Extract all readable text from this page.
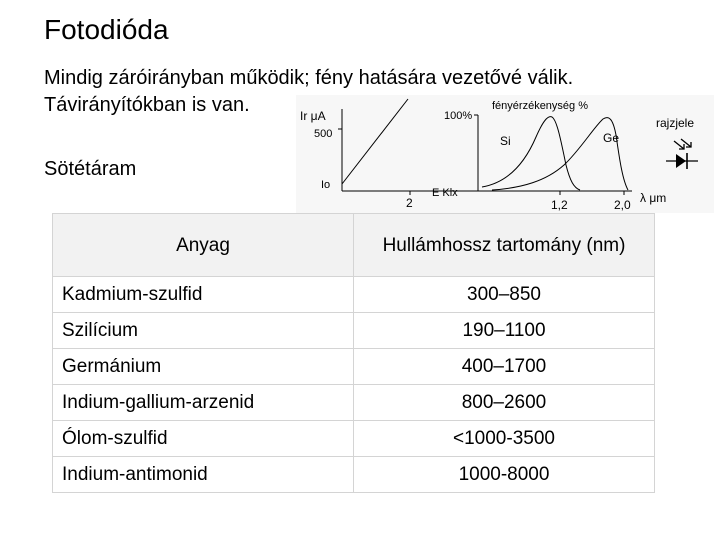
Fotodióda
Mindig záróirányban működik; fény hatására vezetővé válik.
Távirányítókban is van.
Sötétáram
Ir μA
500
Io
2
E Klx
100%
fényérzékenység %
Si	Ge
1,2	2,0 λ μm
rajzjele
Anyag	Hullámhossz tartomány (nm)
Kadmium-szulfid	300–850
Szilícium	190–1100
Germánium	400–1700
Indium-gallium-arzenid	800–2600
Ólom-szulfid	<1000-3500
Indium-antimonid	1000-8000
